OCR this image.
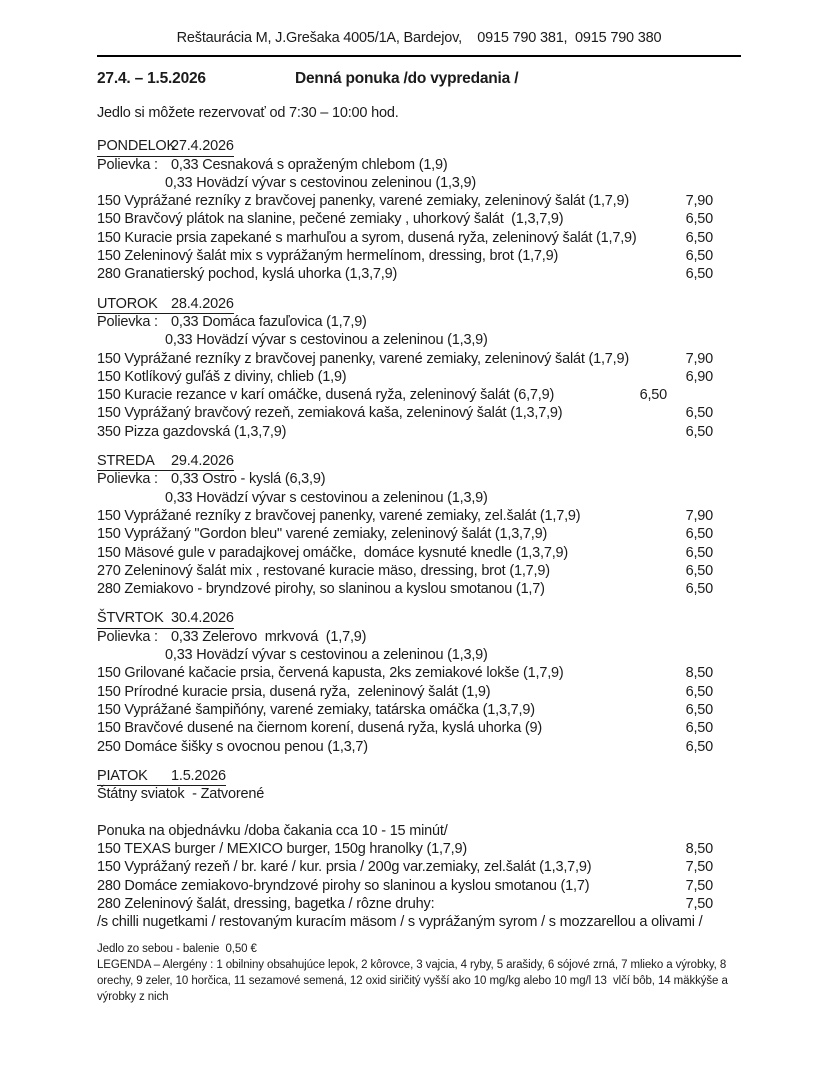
Reštaurácia M, J.Grešaka 4005/1A, Bardejov,    0915 790 381,  0915 790 380
27.4. – 1.5.2026	Denná ponuka /do vypredania /
Jedlo si môžete rezervovať od 7:30 – 10:00 hod.
PONDELOK27.4.2026
Polievka : 0,33 Cesnaková s opraženým chlebom (1,9)
0,33 Hovädzí vývar s cestovinou zeleninou (1,3,9)
150 Vyprážané rezníky z bravčovej panenky, varené zemiaky, zeleninový šalát (1,7,9)	7,90
150 Bravčový plátok na slanine, pečené zemiaky , uhorkový šalát  (1,3,7,9)	6,50
150 Kuracie prsia zapekané s marhuľou a syrom, dusená ryža, zeleninový šalát (1,7,9)	6,50
150 Zeleninový šalát mix s vyprážaným hermelínom, dressing, brot (1,7,9)	6,50
280 Granatierský pochod, kyslá uhorka (1,3,7,9)	6,50
UTOROK 28.4.2026
Polievka : 0,33 Domáca fazuľovica (1,7,9)
0,33 Hovädzí vývar s cestovinou a zeleninou (1,3,9)
150 Vyprážané rezníky z bravčovej panenky, varené zemiaky, zeleninový šalát (1,7,9)	7,90
150 Kotlíkový guľáš z diviny, chlieb (1,9)	6,90
150 Kuracie rezance v karí omáčke, dusená ryža, zeleninový šalát (6,7,9)	6,50
150 Vyprážaný bravčový rezeň, zemiaková kaša, zeleninový šalát (1,3,7,9)	6,50
350 Pizza gazdovská (1,3,7,9)	6,50
STREDA 29.4.2026
Polievka : 0,33 Ostro - kyslá (6,3,9)
0,33 Hovädzí vývar s cestovinou a zeleninou (1,3,9)
150 Vyprážané rezníky z bravčovej panenky, varené zemiaky, zel.šalát (1,7,9)	7,90
150 Vyprážaný "Gordon bleu" varené zemiaky, zeleninový šalát (1,3,7,9)	6,50
150 Mäsové gule v paradajkovej omáčke,  domáce kysnuté knedle (1,3,7,9)	6,50
270 Zeleninový šalát mix , restované kuracie mäso, dressing, brot (1,7,9)	6,50
280 Zemiakovo - bryndzové pirohy, so slaninou a kyslou smotanou (1,7)	6,50
ŠTVRTOK 30.4.2026
Polievka : 0,33 Zelerovo  mrkvová  (1,7,9)
0,33 Hovädzí vývar s cestovinou a zeleninou (1,3,9)
150 Grilované kačacie prsia, červená kapusta, 2ks zemiakové lokše (1,7,9)	8,50
150 Prírodné kuracie prsia, dusená ryža,  zeleninový šalát (1,9)	6,50
150 Vyprážané šampiňóny, varené zemiaky, tatárska omáčka (1,3,7,9)	6,50
150 Bravčové dusené na čiernom korení, dusená ryža, kyslá uhorka (9)	6,50
250 Domáce šišky s ovocnou penou (1,3,7)	6,50
PIATOK 1.5.2026
Štátny sviatok  - Zatvorené
Ponuka na objednávku /doba čakania cca 10 - 15 minút/
150 TEXAS burger / MEXICO burger, 150g hranolky (1,7,9)	8,50
150 Vyprážaný rezeň / br. karé / kur. prsia / 200g var.zemiaky, zel.šalát (1,3,7,9)	7,50
280 Domáce zemiakovo-bryndzové pirohy so slaninou a kyslou smotanou (1,7)	7,50
280 Zeleninový šalát, dressing, bagetka / rôzne druhy:	7,50
/s chilli nugetkami / restovaným kuracím mäsom / s vyprážaným syrom / s mozzarellou a olivami /
Jedlo zo sebou - balenie  0,50 €
LEGENDA – Alergény : 1 obilniny obsahujúce lepok, 2 kôrovce, 3 vajcia, 4 ryby, 5 arašidy, 6 sójové zrná, 7 mlieko a výrobky, 8 orechy, 9 zeler, 10 horčica, 11 sezamové semená, 12 oxid siričitý vyšší ako 10 mg/kg alebo 10 mg/l 13  vlčí bôb, 14 mäkkýše a výrobky z nich
